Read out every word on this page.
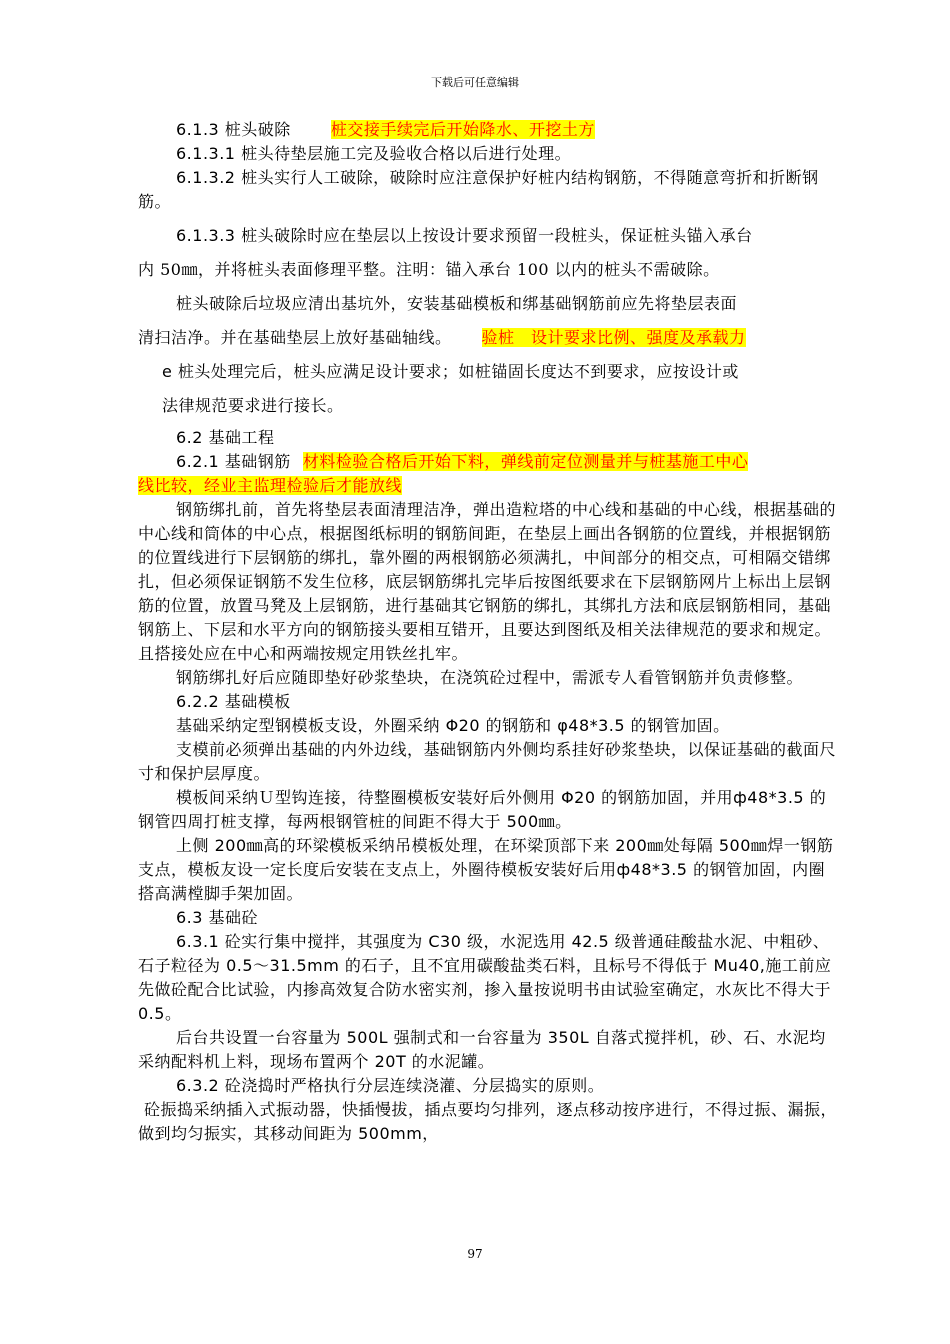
下载后可任意编辑

6.1.3 桩头破除	桩交接手续完后开始降水、开挖土方

6.1.3.1 桩头待垫层施工完及验收合格以后进行处理。

6.1.3.2 桩头实行人工破除，破除时应注意保护好桩内结构钢筋，不得随意弯折和折断钢筋。

6.1.3.3 桩头破除时应在垫层以上按设计要求预留一段桩头，保证桩头锚入承台

内 50㎜，并将桩头表面修理平整。注明：锚入承台 100 以内的桩头不需破除。

桩头破除后垃圾应清出基坑外，安装基础模板和绑基础钢筋前应先将垫层表面

清扫洁净。并在基础垫层上放好基础轴线。 验桩　设计要求比例、强度及承载力

e 桩头处理完后，桩头应满足设计要求；如桩锚固长度达不到要求，应按设计或

法律规范要求进行接长。

6.2 基础工程

6.2.1 基础钢筋 材料检验合格后开始下料，弹线前定位测量并与桩基施工中心

线比较，经业主监理检验后才能放线

钢筋绑扎前，首先将垫层表面清理洁净，弹出造粒塔的中心线和基础的中心线，根据基础的中心线和筒体的中心点，根据图纸标明的钢筋间距，在垫层上画出各钢筋的位置线，并根据钢筋的位置线进行下层钢筋的绑扎，靠外圈的两根钢筋必须满扎，中间部分的相交点，可相隔交错绑扎，但必须保证钢筋不发生位移，底层钢筋绑扎完毕后按图纸要求在下层钢筋网片上标出上层钢筋的位置，放置马凳及上层钢筋，进行基础其它钢筋的绑扎，其绑扎方法和底层钢筋相同，基础钢筋上、下层和水平方向的钢筋接头要相互错开，且要达到图纸及相关法律规范的要求和规定。且搭接处应在中心和两端按规定用铁丝扎牢。

钢筋绑扎好后应随即垫好砂浆垫块，在浇筑砼过程中，需派专人看管钢筋并负责修整。

6.2.2 基础模板

基础采纳定型钢模板支设，外圈采纳 Φ20 的钢筋和 φ48*3.5 的钢管加固。

支模前必须弹出基础的内外边线，基础钢筋内外侧均系挂好砂浆垫块，以保证基础的截面尺寸和保护层厚度。

模板间采纳Ｕ型钩连接，待整圈模板安装好后外侧用 Φ20 的钢筋加固，并用ф48*3.5 的钢管四周打桩支撑，每两根钢管桩的间距不得大于 500㎜。

上侧 200㎜高的环梁模板采纳吊模板处理，在环梁顶部下来 200㎜处每隔 500㎜焊一钢筋支点，模板友设一定长度后安装在支点上，外圈待模板安装好后用ф48*3.5 的钢管加固，内圈搭高满樘脚手架加固。

6.3 基础砼

6.3.1 砼实行集中搅拌，其强度为 C30 级，水泥选用 42.5 级普通硅酸盐水泥、中粗砂、石子粒径为 0.5～31.5mm 的石子，且不宜用碳酸盐类石料，且标号不得低于 Mu40,施工前应先做砼配合比试验，内掺高效复合防水密实剂，掺入量按说明书由试验室确定，水灰比不得大于 0.5。

后台共设置一台容量为 500L 强制式和一台容量为 350L 自落式搅拌机，砂、石、水泥均采纳配料机上料，现场布置两个 20T 的水泥罐。

6.3.2 砼浇捣时严格执行分层连续浇灌、分层捣实的原则。

砼振捣采纳插入式振动器，快插慢拔，插点要均匀排列，逐点移动按序进行，不得过振、漏振，做到均匀振实，其移动间距为 500mm，

97
